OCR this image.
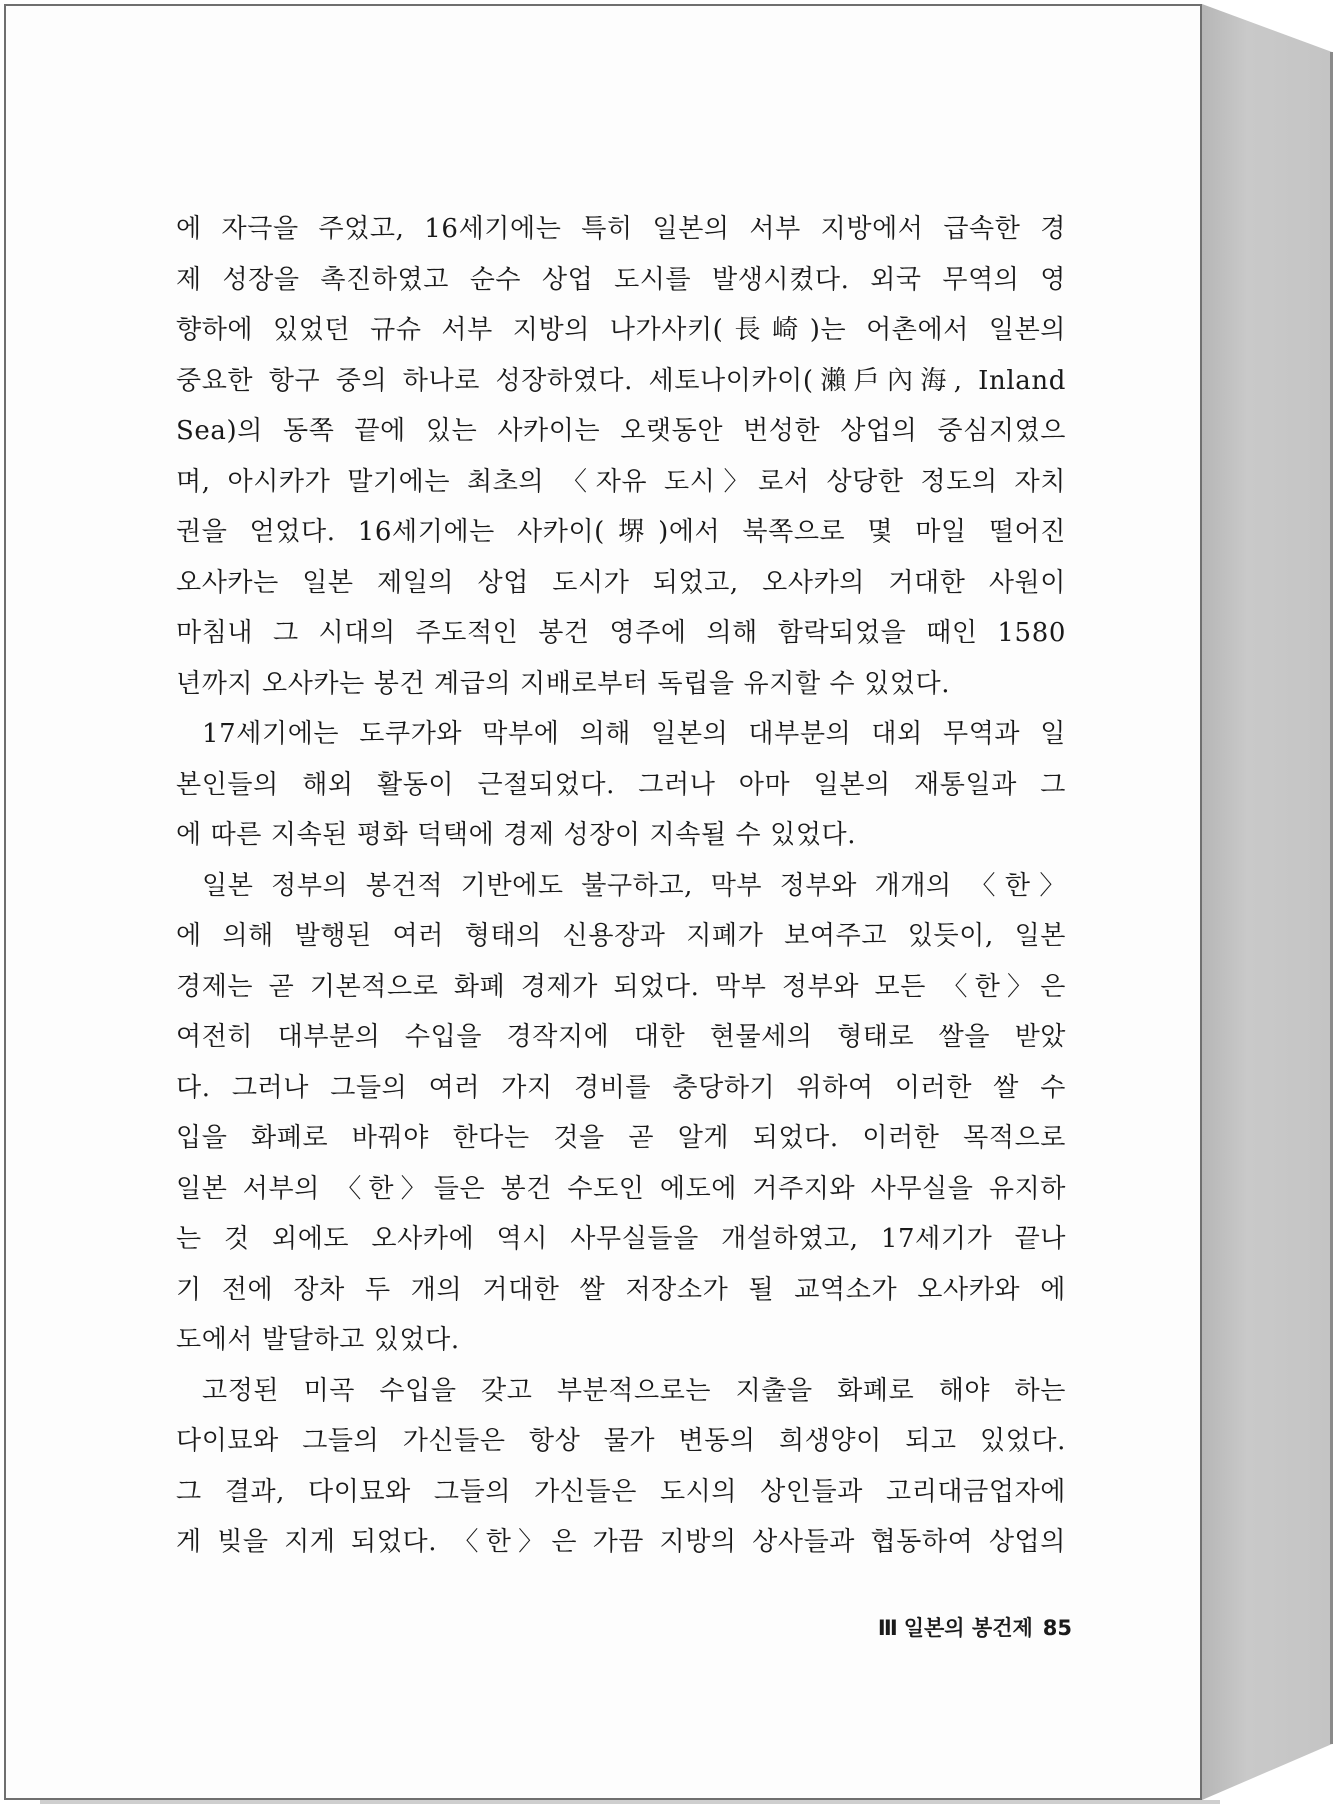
에 자극을 주었고, 16세기에는 특히 일본의 서부 지방에서 급속한 경
제 성장을 촉진하였고 순수 상업 도시를 발생시켰다. 외국 무역의 영
향하에 있었던 규슈 서부 지방의 나가사키(長崎)는 어촌에서 일본의
중요한 항구 중의 하나로 성장하였다. 세토나이카이(瀨戶內海, Inland
Sea)의 동쪽 끝에 있는 사카이는 오랫동안 번성한 상업의 중심지였으
며, 아시카가 말기에는 최초의 〈자유 도시〉로서 상당한 정도의 자치
권을 얻었다. 16세기에는 사카이(堺)에서 북쪽으로 몇 마일 떨어진
오사카는 일본 제일의 상업 도시가 되었고, 오사카의 거대한 사원이
마침내 그 시대의 주도적인 봉건 영주에 의해 함락되었을 때인 1580
년까지 오사카는 봉건 계급의 지배로부터 독립을 유지할 수 있었다.
17세기에는 도쿠가와 막부에 의해 일본의 대부분의 대외 무역과 일
본인들의 해외 활동이 근절되었다. 그러나 아마 일본의 재통일과 그
에 따른 지속된 평화 덕택에 경제 성장이 지속될 수 있었다.
일본 정부의 봉건적 기반에도 불구하고, 막부 정부와 개개의 〈한〉
에 의해 발행된 여러 형태의 신용장과 지폐가 보여주고 있듯이, 일본
경제는 곧 기본적으로 화폐 경제가 되었다. 막부 정부와 모든 〈한〉은
여전히 대부분의 수입을 경작지에 대한 현물세의 형태로 쌀을 받았
다. 그러나 그들의 여러 가지 경비를 충당하기 위하여 이러한 쌀 수
입을 화폐로 바꿔야 한다는 것을 곧 알게 되었다. 이러한 목적으로
일본 서부의 〈한〉들은 봉건 수도인 에도에 거주지와 사무실을 유지하
는 것 외에도 오사카에 역시 사무실들을 개설하였고, 17세기가 끝나
기 전에 장차 두 개의 거대한 쌀 저장소가 될 교역소가 오사카와 에
도에서 발달하고 있었다.
고정된 미곡 수입을 갖고 부분적으로는 지출을 화폐로 해야 하는
다이묘와 그들의 가신들은 항상 물가 변동의 희생양이 되고 있었다.
그 결과, 다이묘와 그들의 가신들은 도시의 상인들과 고리대금업자에
게 빚을 지게 되었다. 〈한〉은 가끔 지방의 상사들과 협동하여 상업의
Ⅲ 일본의 봉건제 85
